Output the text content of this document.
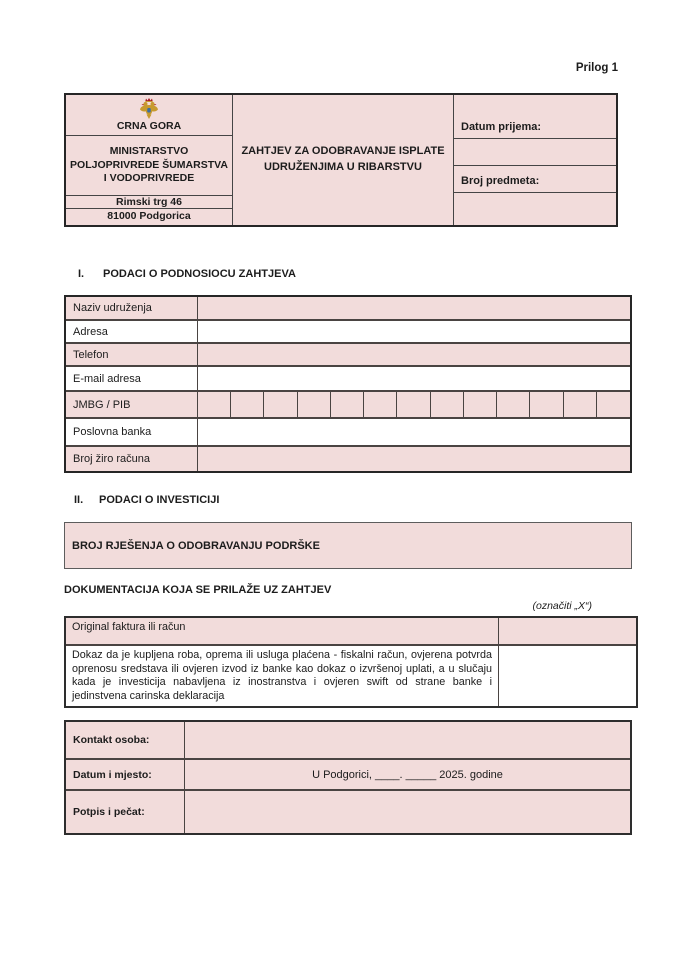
Prilog 1
CRNA GORA
MINISTARSTVO
POLJOPRIVREDE ŠUMARSTVA
I VODOPRIVREDE
Rimski trg 46
81000 Podgorica
ZAHTJEV ZA ODOBRAVANJE ISPLATE
UDRUŽENJIMA U RIBARSTVU
Datum prijema:
Broj predmeta:
I.	PODACI O PODNOSIOCU ZAHTJEVA
Naziv udruženja
Adresa
Telefon
E-mail adresa
JMBG / PIB
Poslovna banka
Broj žiro računa
II.	PODACI O INVESTICIJI
BROJ RJEŠENJA O ODOBRAVANJU PODRŠKE
DOKUMENTACIJA KOJA SE PRILAŽE UZ ZAHTJEV
(označiti „X“)
Original faktura ili račun
Dokaz da je kupljena roba, oprema ili usluga plaćena - fiskalni račun, ovjerena potvrda oprenosu sredstava ili ovjeren izvod iz banke kao dokaz o izvršenoj uplati, a u slučaju kada je investicija nabavljena iz inostranstva i ovjeren swift od strane banke i jedinstvena carinska deklaracija
Kontakt osoba:
Datum i mjesto:	U Podgorici, ____. _____ 2025. godine
Potpis i pečat:
